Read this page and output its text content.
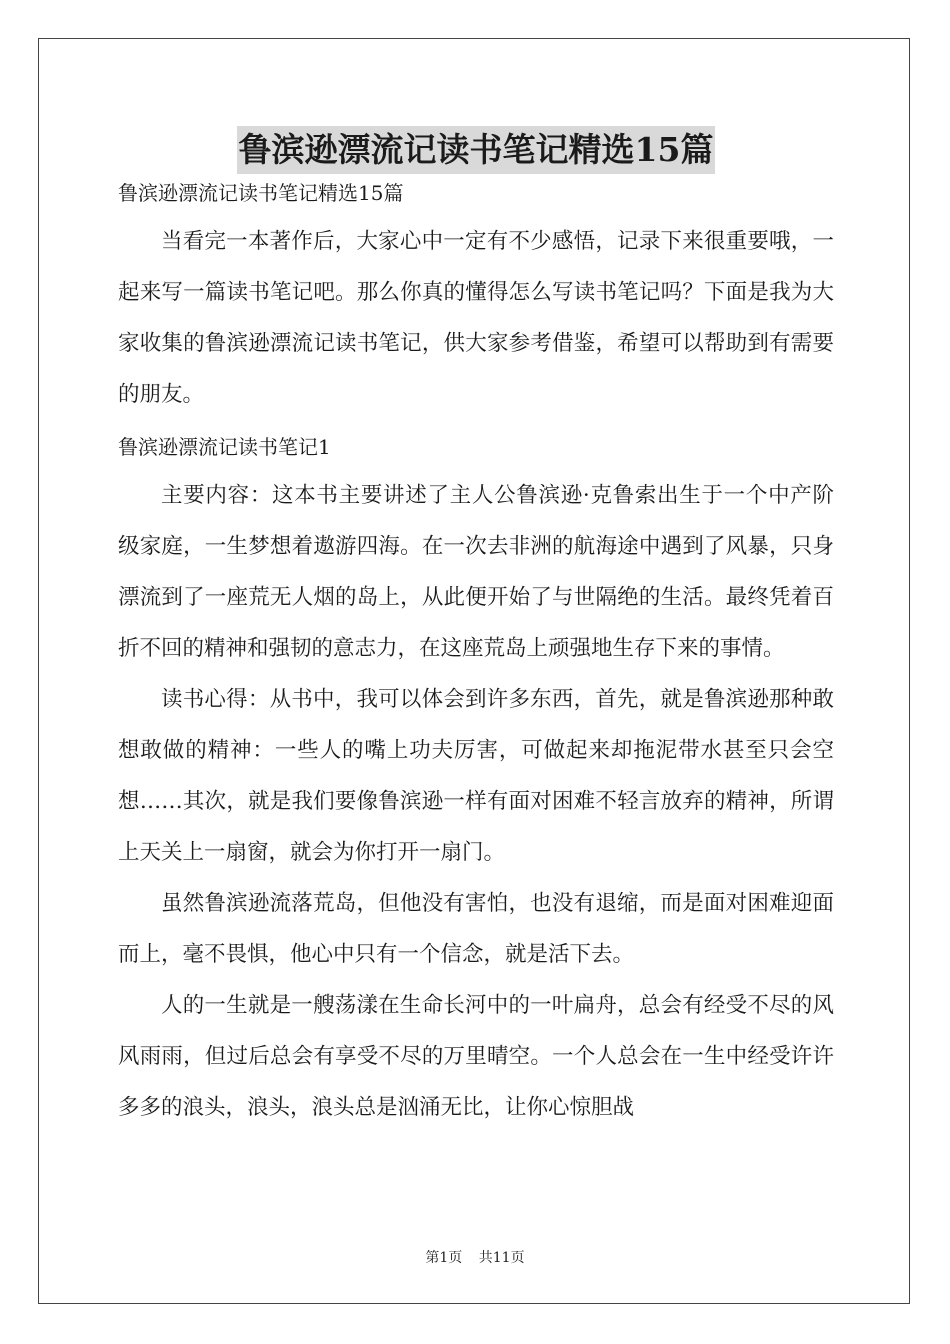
鲁滨逊漂流记读书笔记精选15篇

鲁滨逊漂流记读书笔记精选15篇

当看完一本著作后，大家心中一定有不少感悟，记录下来很重要哦，一起来写一篇读书笔记吧。那么你真的懂得怎么写读书笔记吗？下面是我为大家收集的鲁滨逊漂流记读书笔记，供大家参考借鉴，希望可以帮助到有需要的朋友。

鲁滨逊漂流记读书笔记1

主要内容：这本书主要讲述了主人公鲁滨逊·克鲁索出生于一个中产阶级家庭，一生梦想着遨游四海。在一次去非洲的航海途中遇到了风暴，只身漂流到了一座荒无人烟的岛上，从此便开始了与世隔绝的生活。最终凭着百折不回的精神和强韧的意志力，在这座荒岛上顽强地生存下来的事情。

读书心得：从书中，我可以体会到许多东西，首先，就是鲁滨逊那种敢想敢做的精神：一些人的嘴上功夫厉害，可做起来却拖泥带水甚至只会空想……其次，就是我们要像鲁滨逊一样有面对困难不轻言放弃的精神，所谓上天关上一扇窗，就会为你打开一扇门。

虽然鲁滨逊流落荒岛，但他没有害怕，也没有退缩，而是面对困难迎面而上，毫不畏惧，他心中只有一个信念，就是活下去。

人的一生就是一艘荡漾在生命长河中的一叶扁舟，总会有经受不尽的风风雨雨，但过后总会有享受不尽的万里晴空。一个人总会在一生中经受许许多多的浪头，浪头，浪头总是汹涌无比，让你心惊胆战

第1页 共11页
